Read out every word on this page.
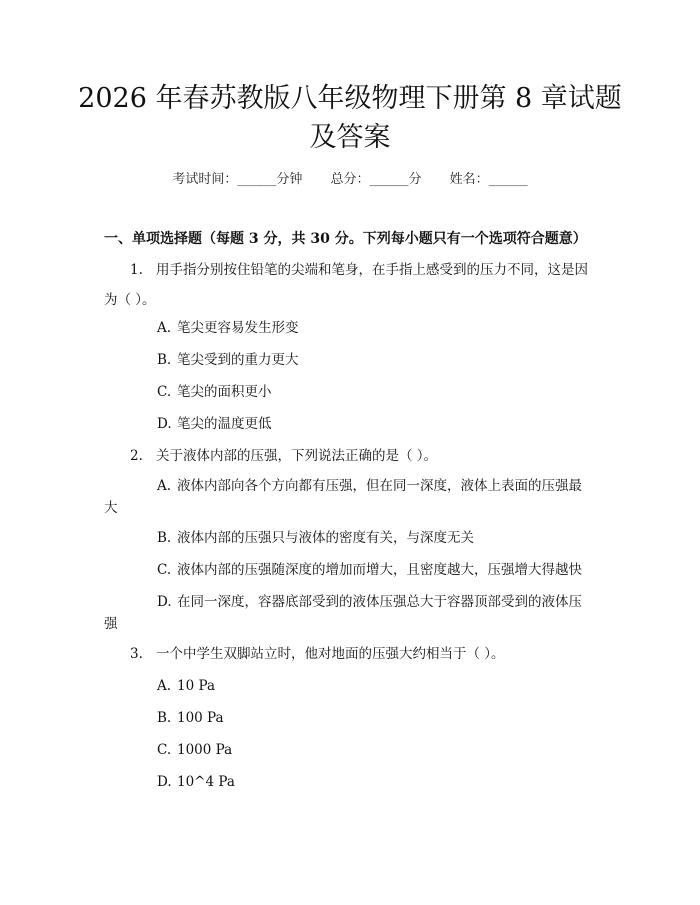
2026 年春苏教版八年级物理下册第 8 章试题
及答案
考试时间：______分钟 总分：______分 姓名：______
一、单项选择题（每题 3 分，共 30 分。下列每小题只有一个选项符合题意）
1. 用手指分别按住铅笔的尖端和笔身，在手指上感受到的压力不同，这是因
为（ ）。
A. 笔尖更容易发生形变
B. 笔尖受到的重力更大
C. 笔尖的面积更小
D. 笔尖的温度更低
2. 关于液体内部的压强，下列说法正确的是（ ）。
A. 液体内部向各个方向都有压强，但在同一深度，液体上表面的压强最
大
B. 液体内部的压强只与液体的密度有关，与深度无关
C. 液体内部的压强随深度的增加而增大，且密度越大，压强增大得越快
D. 在同一深度，容器底部受到的液体压强总大于容器顶部受到的液体压
强
3. 一个中学生双脚站立时，他对地面的压强大约相当于（ ）。
A. 10 Pa
B. 100 Pa
C. 1000 Pa
D. 10^4 Pa
